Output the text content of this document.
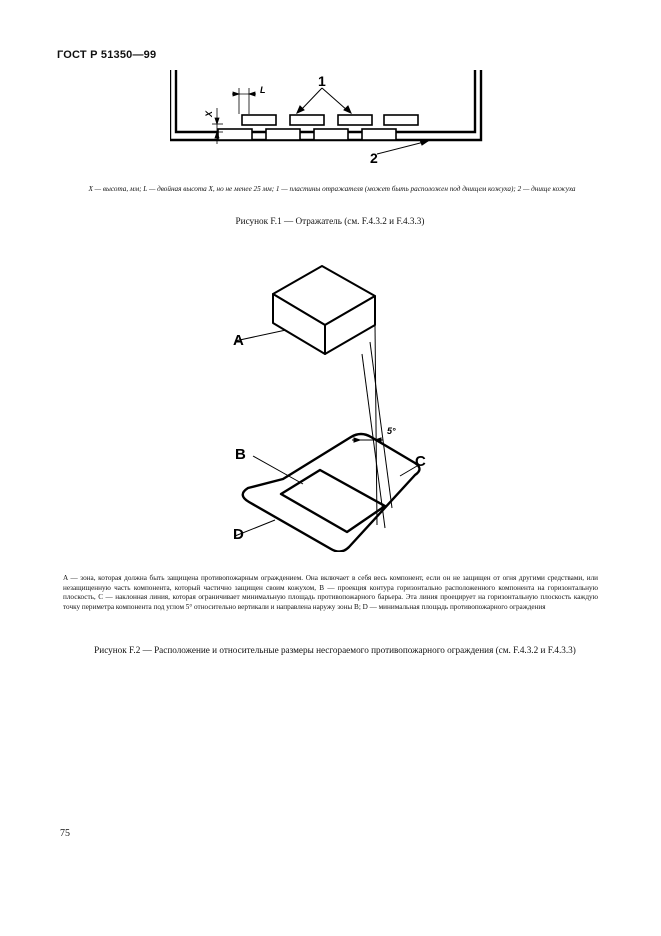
ГОСТ Р 51350—99
L
X
1
2
X — высота, мм; L — двойная высота X, но не менее 25 мм; 1 — пластины отражателя (может быть расположен под днищем кожуха); 2 — днище кожуха
Рисунок F.1 — Отражатель (см. F.4.3.2 и F.4.3.3)
A
B	C
D
5°
A — зона, которая должна быть защищена противопожарным ограждением. Она включает в себя весь компонент, если он не защищен от огня другими средствами, или незащищенную часть компонента, который частично защищен своим кожухом, B — проекция контура горизонтально расположенного компонента на горизонтальную плоскость, C — наклонная линия, которая ограничивает минимальную площадь противопожарного барьера. Эта линия проецирует на горизонтальную плоскость каждую точку периметра компонента под углом 5° относительно вертикали и направлена наружу зоны B; D — минимальная площадь противопожарного ограждения
Рисунок F.2 — Расположение и относительные размеры несгораемого противопожарного ограждения (см. F.4.3.2 и F.4.3.3)
75
